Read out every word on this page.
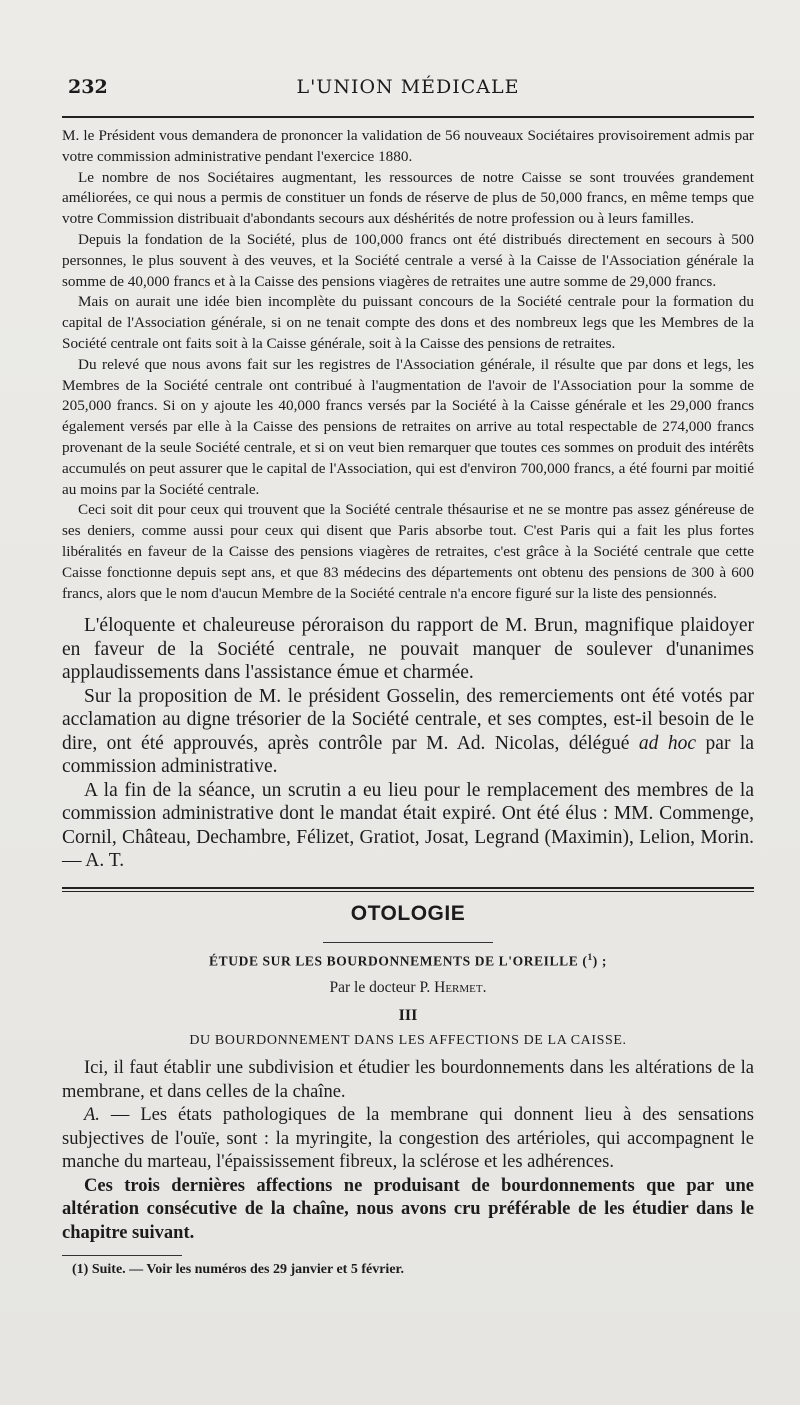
232	L'UNION MÉDICALE

M. le Président vous demandera de prononcer la validation de 56 nouveaux Sociétaires provisoirement admis par votre commission administrative pendant l'exercice 1880.

Le nombre de nos Sociétaires augmentant, les ressources de notre Caisse se sont trouvées grandement améliorées, ce qui nous a permis de constituer un fonds de réserve de plus de 50,000 francs, en même temps que votre Commission distribuait d'abondants secours aux déshérités de notre profession ou à leurs familles.

Depuis la fondation de la Société, plus de 100,000 francs ont été distribués directement en secours à 500 personnes, le plus souvent à des veuves, et la Société centrale a versé à la Caisse de l'Association générale la somme de 40,000 francs et à la Caisse des pensions viagères de retraites une autre somme de 29,000 francs.

Mais on aurait une idée bien incomplète du puissant concours de la Société centrale pour la formation du capital de l'Association générale, si on ne tenait compte des dons et des nombreux legs que les Membres de la Société centrale ont faits soit à la Caisse générale, soit à la Caisse des pensions de retraites.

Du relevé que nous avons fait sur les registres de l'Association générale, il résulte que par dons et legs, les Membres de la Société centrale ont contribué à l'augmentation de l'avoir de l'Association pour la somme de 205,000 francs. Si on y ajoute les 40,000 francs versés par la Société à la Caisse générale et les 29,000 francs également versés par elle à la Caisse des pensions de retraites on arrive au total respectable de 274,000 francs provenant de la seule Société centrale, et si on veut bien remarquer que toutes ces sommes on produit des intérêts accumulés on peut assurer que le capital de l'Association, qui est d'environ 700,000 francs, a été fourni par moitié au moins par la Société centrale.

Ceci soit dit pour ceux qui trouvent que la Société centrale thésaurise et ne se montre pas assez généreuse de ses deniers, comme aussi pour ceux qui disent que Paris absorbe tout. C'est Paris qui a fait les plus fortes libéralités en faveur de la Caisse des pensions viagères de retraites, c'est grâce à la Société centrale que cette Caisse fonctionne depuis sept ans, et que 83 médecins des départements ont obtenu des pensions de 300 à 600 francs, alors que le nom d'aucun Membre de la Société centrale n'a encore figuré sur la liste des pensionnés.

L'éloquente et chaleureuse péroraison du rapport de M. Brun, magnifique plaidoyer en faveur de la Société centrale, ne pouvait manquer de soulever d'unanimes applaudissements dans l'assistance émue et charmée.

Sur la proposition de M. le président Gosselin, des remerciements ont été votés par acclamation au digne trésorier de la Société centrale, et ses comptes, est-il besoin de le dire, ont été approuvés, après contrôle par M. Ad. Nicolas, délégué ad hoc par la commission administrative.

A la fin de la séance, un scrutin a eu lieu pour le remplacement des membres de la commission administrative dont le mandat était expiré. Ont été élus : MM. Commenge, Cornil, Château, Dechambre, Félizet, Gratiot, Josat, Legrand (Maximin), Lelion, Morin. — A. T.

OTOLOGIE
ÉTUDE SUR LES BOURDONNEMENTS DE L'OREILLE ($^1$) ;
Par le docteur P. Hermet.
III
DU BOURDONNEMENT DANS LES AFFECTIONS DE LA CAISSE.

Ici, il faut établir une subdivision et étudier les bourdonnements dans les altérations de la membrane, et dans celles de la chaîne.

A. — Les états pathologiques de la membrane qui donnent lieu à des sensations subjectives de l'ouïe, sont : la myringite, la congestion des artérioles, qui accompagnent le manche du marteau, l'épaississement fibreux, la sclérose et les adhérences.

Ces trois dernières affections ne produisant de bourdonnements que par une altération consécutive de la chaîne, nous avons cru préférable de les étudier dans le chapitre suivant.

(1) Suite. — Voir les numéros des 29 janvier et 5 février.
